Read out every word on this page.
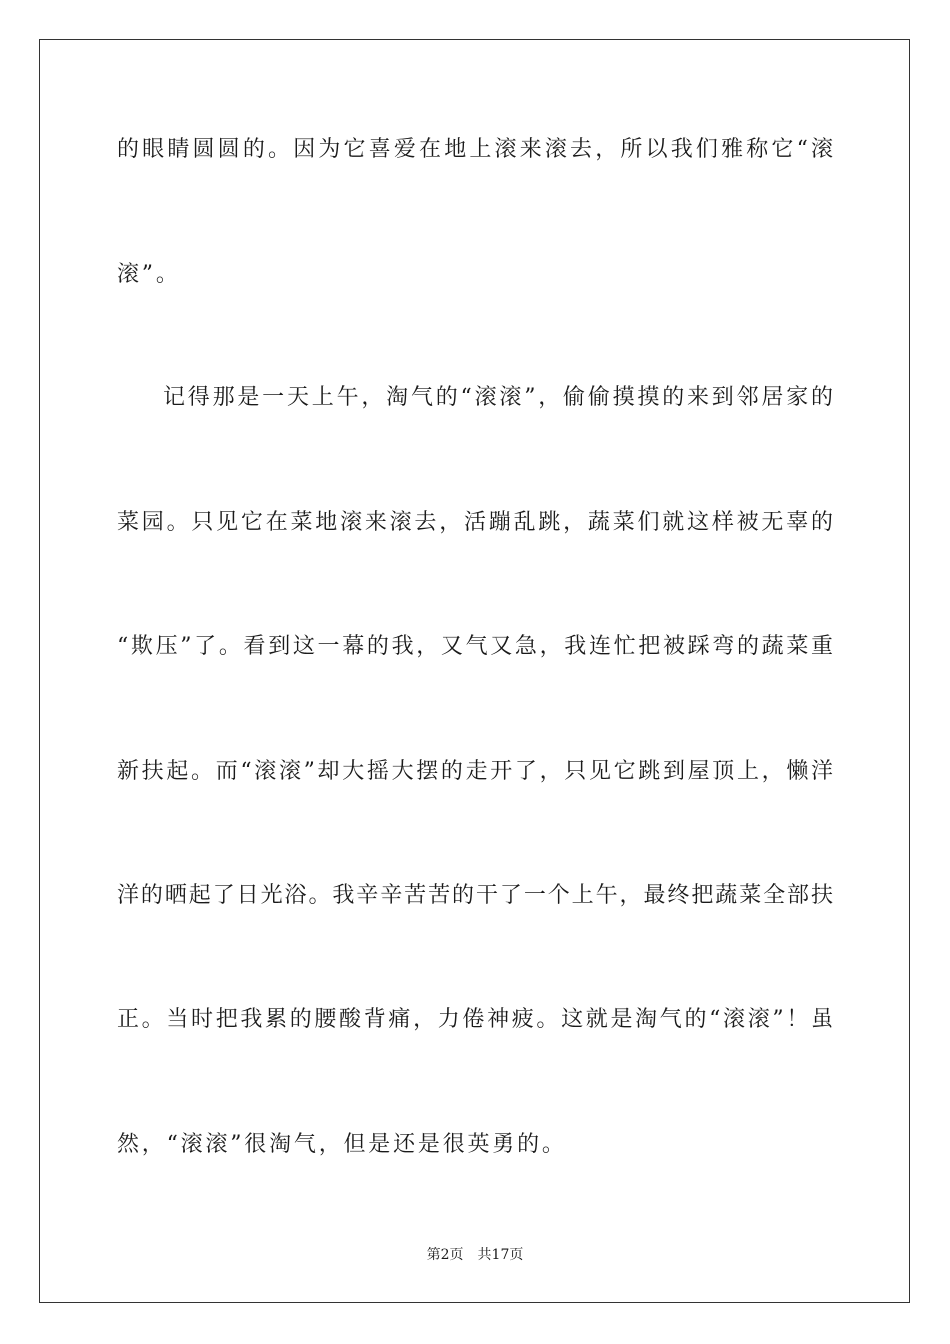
的眼睛圆圆的。因为它喜爱在地上滚来滚去，所以我们雅称它“滚
滚”。
记得那是一天上午，淘气的“滚滚”，偷偷摸摸的来到邻居家的
菜园。只见它在菜地滚来滚去，活蹦乱跳，蔬菜们就这样被无辜的
“欺压”了。看到这一幕的我，又气又急，我连忙把被踩弯的蔬菜重
新扶起。而“滚滚”却大摇大摆的走开了，只见它跳到屋顶上，懒洋
洋的晒起了日光浴。我辛辛苦苦的干了一个上午，最终把蔬菜全部扶
正。当时把我累的腰酸背痛，力倦神疲。这就是淘气的“滚滚”！虽
然，“滚滚”很淘气，但是还是很英勇的。
第2页 共17页
